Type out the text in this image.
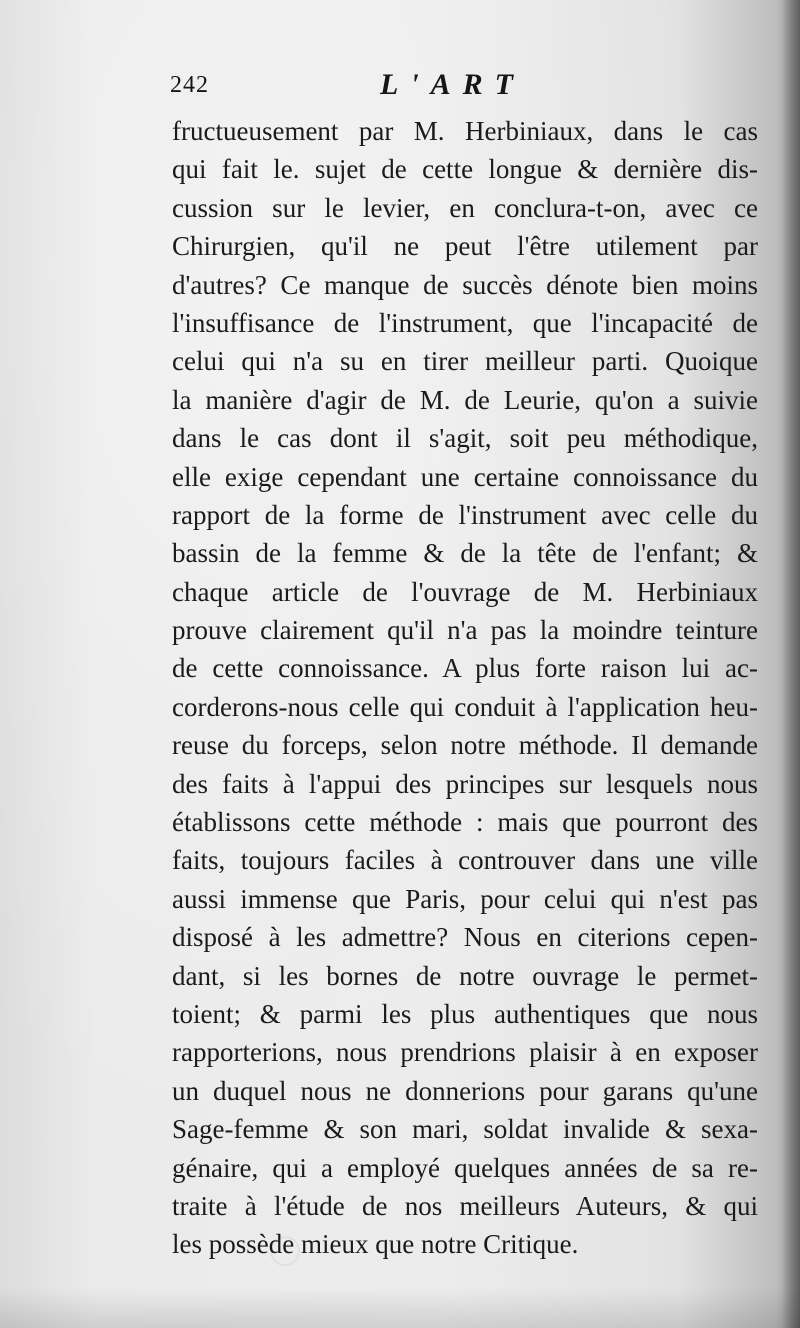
242	L'ART
fructueusement par M. Herbiniaux, dans le cas
qui fait le. sujet de cette longue & dernière dis-
cussion sur le levier, en conclura-t-on, avec ce
Chirurgien, qu'il ne peut l'être utilement par
d'autres? Ce manque de succès dénote bien moins
l'insuffisance de l'instrument, que l'incapacité de
celui qui n'a su en tirer meilleur parti. Quoique
la manière d'agir de M. de Leurie, qu'on a suivie
dans le cas dont il s'agit, soit peu méthodique,
elle exige cependant une certaine connoissance du
rapport de la forme de l'instrument avec celle du
bassin de la femme & de la tête de l'enfant; &
chaque article de l'ouvrage de M. Herbiniaux
prouve clairement qu'il n'a pas la moindre teinture
de cette connoissance. A plus forte raison lui ac-
corderons-nous celle qui conduit à l'application heu-
reuse du forceps, selon notre méthode. Il demande
des faits à l'appui des principes sur lesquels nous
établissons cette méthode : mais que pourront des
faits, toujours faciles à controuver dans une ville
aussi immense que Paris, pour celui qui n'est pas
disposé à les admettre? Nous en citerions cepen-
dant, si les bornes de notre ouvrage le permet-
toient; & parmi les plus authentiques que nous
rapporterions, nous prendrions plaisir à en exposer
un duquel nous ne donnerions pour garans qu'une
Sage-femme & son mari, soldat invalide & sexa-
génaire, qui a employé quelques années de sa re-
traite à l'étude de nos meilleurs Auteurs, & qui
les possède mieux que notre Critique.
